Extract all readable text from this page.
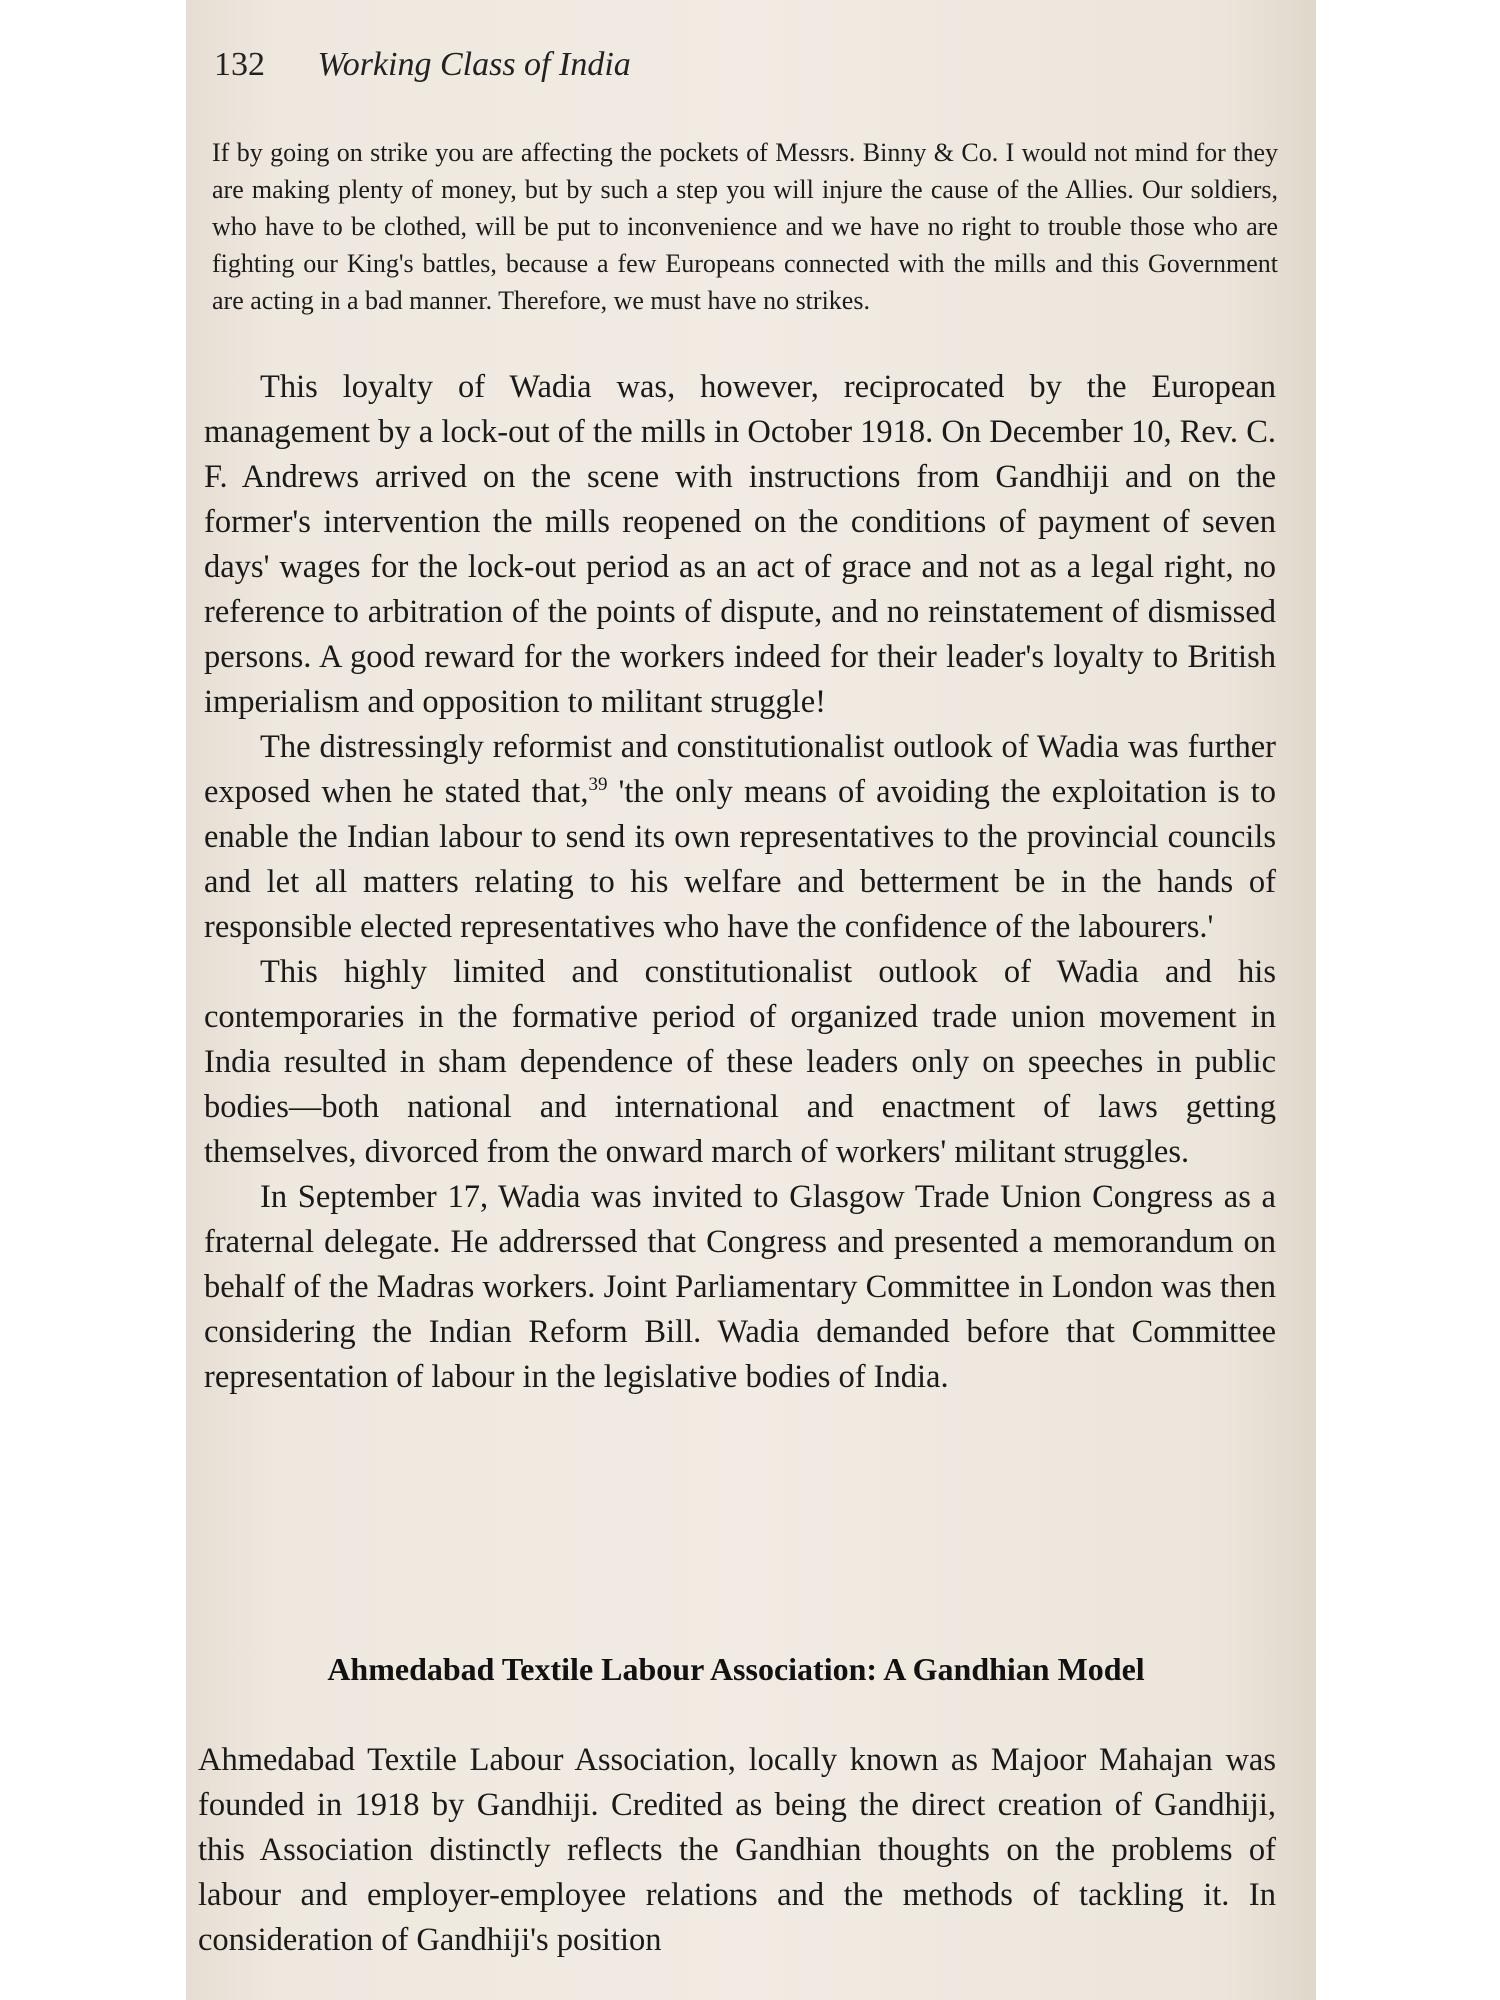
132 Working Class of India
If by going on strike you are affecting the pockets of Messrs. Binny & Co. I would not mind for they are making plenty of money, but by such a step you will injure the cause of the Allies. Our soldiers, who have to be clothed, will be put to inconvenience and we have no right to trouble those who are fighting our King's battles, because a few Europeans connected with the mills and this Government are acting in a bad manner. Therefore, we must have no strikes.

This loyalty of Wadia was, however, reciprocated by the European management by a lock-out of the mills in October 1918. On December 10, Rev. C. F. Andrews arrived on the scene with instructions from Gandhiji and on the former's intervention the mills reopened on the conditions of payment of seven days' wages for the lock-out period as an act of grace and not as a legal right, no reference to arbitration of the points of dispute, and no reinstatement of dismissed persons. A good reward for the workers indeed for their leader's loyalty to British imperialism and opposition to militant struggle!

The distressingly reformist and constitutionalist outlook of Wadia was further exposed when he stated that,$^{39}$ 'the only means of avoiding the exploitation is to enable the Indian labour to send its own representatives to the provincial councils and let all matters relating to his welfare and betterment be in the hands of responsible elected representatives who have the confidence of the labourers.'

This highly limited and constitutionalist outlook of Wadia and his contemporaries in the formative period of organized trade union movement in India resulted in sham dependence of these leaders only on speeches in public bodies—both national and international and enactment of laws getting themselves, divorced from the onward march of workers' militant struggles.

In September 17, Wadia was invited to Glasgow Trade Union Congress as a fraternal delegate. He addrerssed that Congress and presented a memorandum on behalf of the Madras workers. Joint Parliamentary Committee in London was then considering the Indian Reform Bill. Wadia demanded before that Committee representation of labour in the legislative bodies of India.

Ahmedabad Textile Labour Association: A Gandhian Model

Ahmedabad Textile Labour Association, locally known as Majoor Mahajan was founded in 1918 by Gandhiji. Credited as being the direct creation of Gandhiji, this Association distinctly reflects the Gandhian thoughts on the problems of labour and employer-employee relations and the methods of tackling it. In consideration of Gandhiji's position
